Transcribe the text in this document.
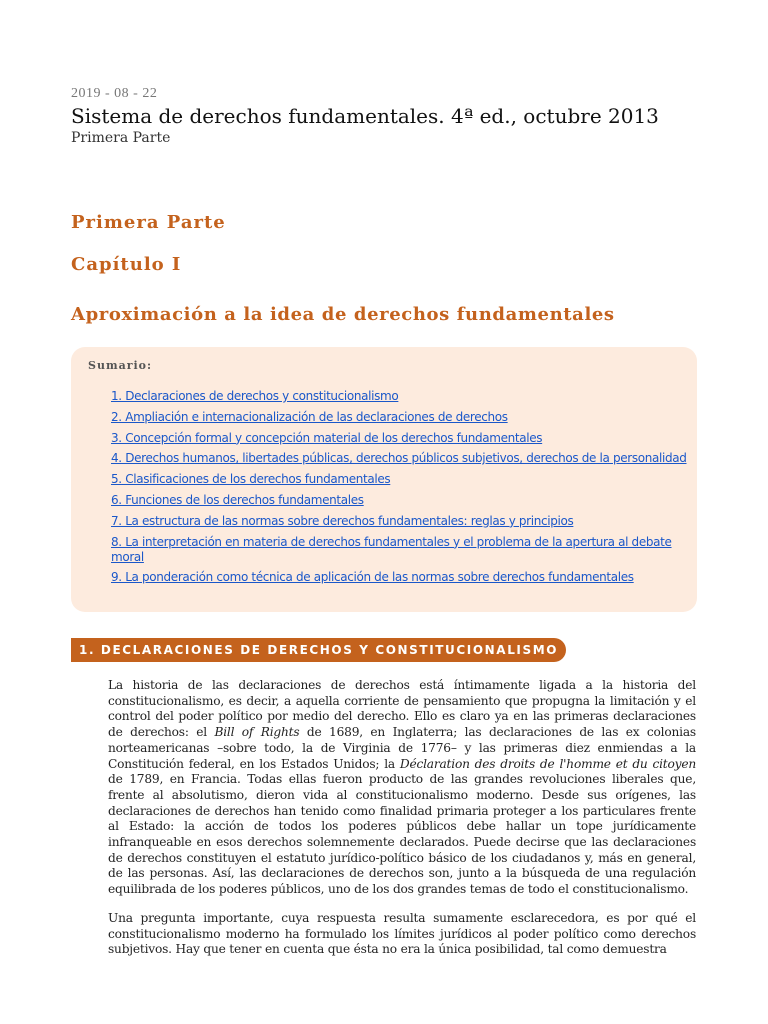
2019 - 08 - 22
Sistema de derechos fundamentales. 4ª ed., octubre 2013
Primera Parte
Primera Parte
Capítulo I
Aproximación a la idea de derechos fundamentales
Sumario:
1. Declaraciones de derechos y constitucionalismo
2. Ampliación e internacionalización de las declaraciones de derechos
3. Concepción formal y concepción material de los derechos fundamentales
4. Derechos humanos, libertades públicas, derechos públicos subjetivos, derechos de la personalidad
5. Clasificaciones de los derechos fundamentales
6. Funciones de los derechos fundamentales
7. La estructura de las normas sobre derechos fundamentales: reglas y principios
8. La interpretación en materia de derechos fundamentales y el problema de la apertura al debate moral
9. La ponderación como técnica de aplicación de las normas sobre derechos fundamentales
1. DECLARACIONES DE DERECHOS Y CONSTITUCIONALISMO

La historia de las declaraciones de derechos está íntimamente ligada a la historia del constitucionalismo, es decir, a aquella corriente de pensamiento que propugna la limitación y el control del poder político por medio del derecho. Ello es claro ya en las primeras declaraciones de derechos: el Bill of Rights de 1689, en Inglaterra; las declaraciones de las ex colonias norteamericanas –sobre todo, la de Virginia de 1776– y las primeras diez enmiendas a la Constitución federal, en los Estados Unidos; la Déclaration des droits de l'homme et du citoyen de 1789, en Francia. Todas ellas fueron producto de las grandes revoluciones liberales que, frente al absolutismo, dieron vida al constitucionalismo moderno. Desde sus orígenes, las declaraciones de derechos han tenido como finalidad primaria proteger a los particulares frente al Estado: la acción de todos los poderes públicos debe hallar un tope jurídicamente infranqueable en esos derechos solemnemente declarados. Puede decirse que las declaraciones de derechos constituyen el estatuto jurídico-político básico de los ciudadanos y, más en general, de las personas. Así, las declaraciones de derechos son, junto a la búsqueda de una regulación equilibrada de los poderes públicos, uno de los dos grandes temas de todo el constitucionalismo.

Una pregunta importante, cuya respuesta resulta sumamente esclarecedora, es por qué el constitucionalismo moderno ha formulado los límites jurídicos al poder político como derechos subjetivos. Hay que tener en cuenta que ésta no era la única posibilidad, tal como demuestra
